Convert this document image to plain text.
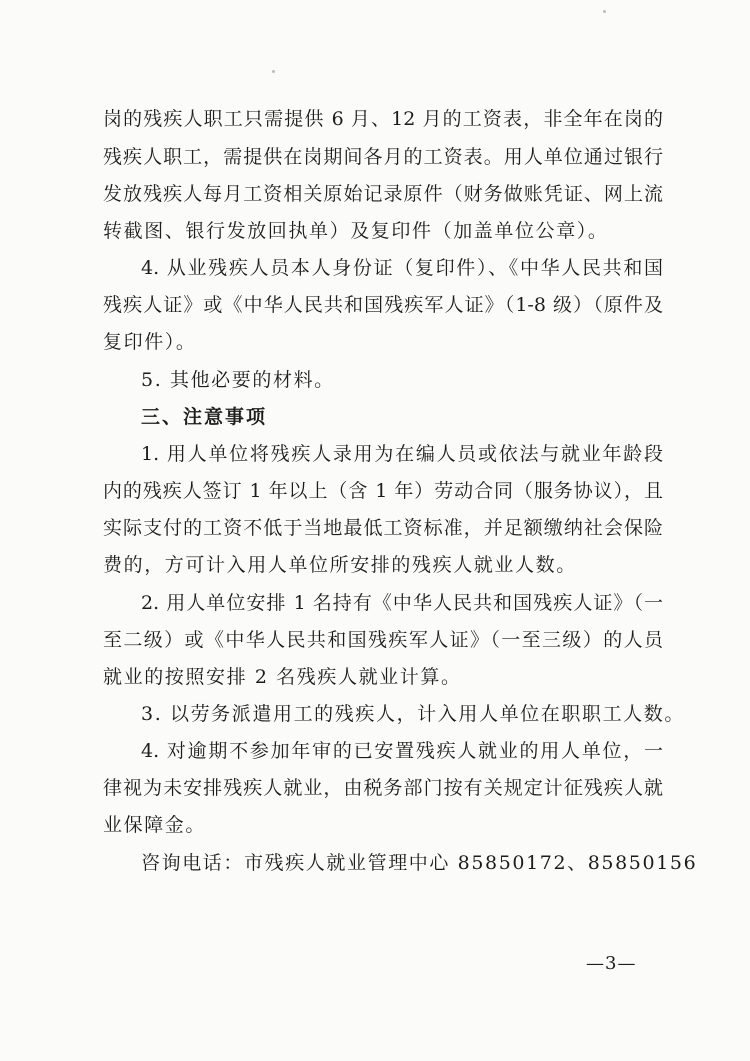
岗的残疾人职工只需提供 6 月、12 月的工资表，非全年在岗的
残疾人职工，需提供在岗期间各月的工资表。用人单位通过银行
发放残疾人每月工资相关原始记录原件（财务做账凭证、网上流
转截图、银行发放回执单）及复印件（加盖单位公章）。
4. 从业残疾人员本人身份证（复印件）、《中华人民共和国
残疾人证》或《中华人民共和国残疾军人证》（1-8 级）（原件及
复印件）。
5. 其他必要的材料。
三、注意事项
1. 用人单位将残疾人录用为在编人员或依法与就业年龄段
内的残疾人签订 1 年以上（含 1 年）劳动合同（服务协议），且
实际支付的工资不低于当地最低工资标准，并足额缴纳社会保险
费的，方可计入用人单位所安排的残疾人就业人数。
2. 用人单位安排 1 名持有《中华人民共和国残疾人证》（一
至二级）或《中华人民共和国残疾军人证》（一至三级）的人员
就业的按照安排 2 名残疾人就业计算。
3. 以劳务派遣用工的残疾人，计入用人单位在职职工人数。
4. 对逾期不参加年审的已安置残疾人就业的用人单位，一
律视为未安排残疾人就业，由税务部门按有关规定计征残疾人就
业保障金。
咨询电话：市残疾人就业管理中心 85850172、85850156
—3—
